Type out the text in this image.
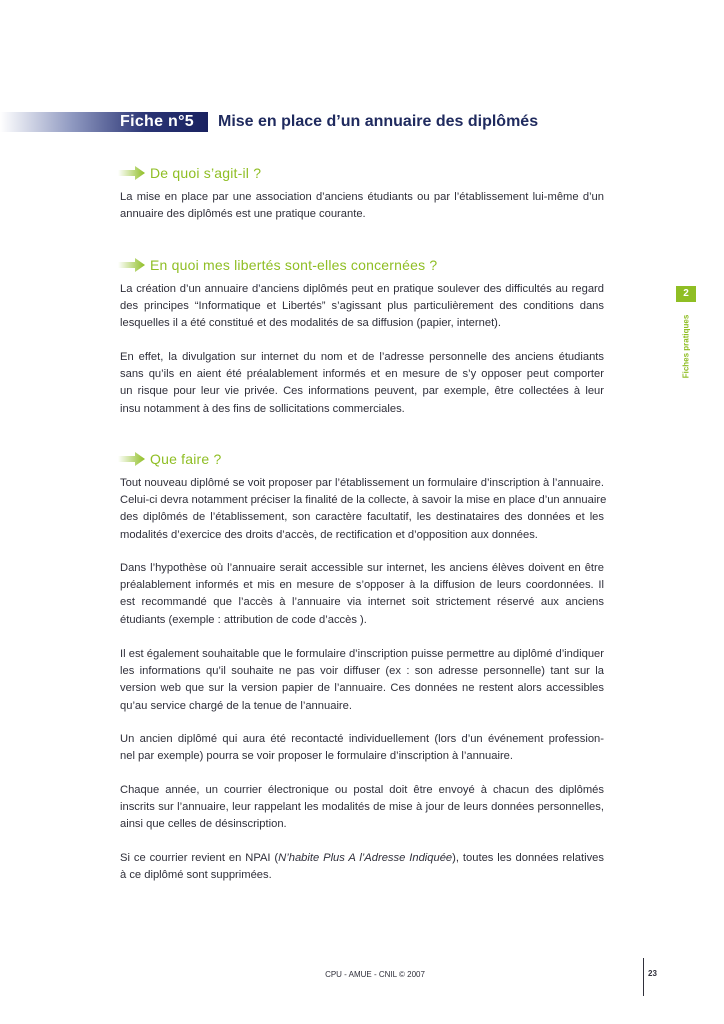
Fiche n°5 Mise en place d’un annuaire des diplômés
De quoi s’agit-il ?
La mise en place par une association d’anciens étudiants ou par l’établissement lui-même d’un
annuaire des diplômés est une pratique courante.
En quoi mes libertés sont-elles concernées ?
La création d’un annuaire d’anciens diplômés peut en pratique soulever des difficultés au regard
des principes “Informatique et Libertés” s’agissant plus particulièrement des conditions dans
lesquelles il a été constitué et des modalités de sa diffusion (papier, internet).
En effet, la divulgation sur internet du nom et de l’adresse personnelle des anciens étudiants
sans qu’ils en aient été préalablement informés et en mesure de s’y opposer peut comporter
un risque pour leur vie privée. Ces informations peuvent, par exemple, être collectées à leur
insu notamment à des fins de sollicitations commerciales.
Que faire ?
Tout nouveau diplômé se voit proposer par l’établissement un formulaire d’inscription à l’annuaire.
Celui-ci devra notamment préciser la finalité de la collecte, à savoir la mise en place d’un annuaire
des diplômés de l’établissement, son caractère facultatif, les destinataires des données et les
modalités d’exercice des droits d’accès, de rectification et d’opposition aux données.
Dans l’hypothèse où l’annuaire serait accessible sur internet, les anciens élèves doivent en être
préalablement informés et mis en mesure de s’opposer à la diffusion de leurs coordonnées. Il
est recommandé que l’accès à l’annuaire via internet soit strictement réservé aux anciens
étudiants (exemple : attribution de code d’accès ).
Il est également souhaitable que le formulaire d’inscription puisse permettre au diplômé d’indiquer
les informations qu’il souhaite ne pas voir diffuser (ex : son adresse personnelle) tant sur la
version web que sur la version papier de l’annuaire. Ces données ne restent alors accessibles
qu’au service chargé de la tenue de l’annuaire.
Un ancien diplômé qui aura été recontacté individuellement (lors d’un événement profession-
nel par exemple) pourra se voir proposer le formulaire d’inscription à l’annuaire.
Chaque année, un courrier électronique ou postal doit être envoyé à chacun des diplômés
inscrits sur l’annuaire, leur rappelant les modalités de mise à jour de leurs données personnelles,
ainsi que celles de désinscription.
Si ce courrier revient en NPAI (N’habite Plus A l’Adresse Indiquée), toutes les données relatives
à ce diplômé sont supprimées.
2
Fiches pratiques
CPU - AMUE - CNIL © 2007	23
